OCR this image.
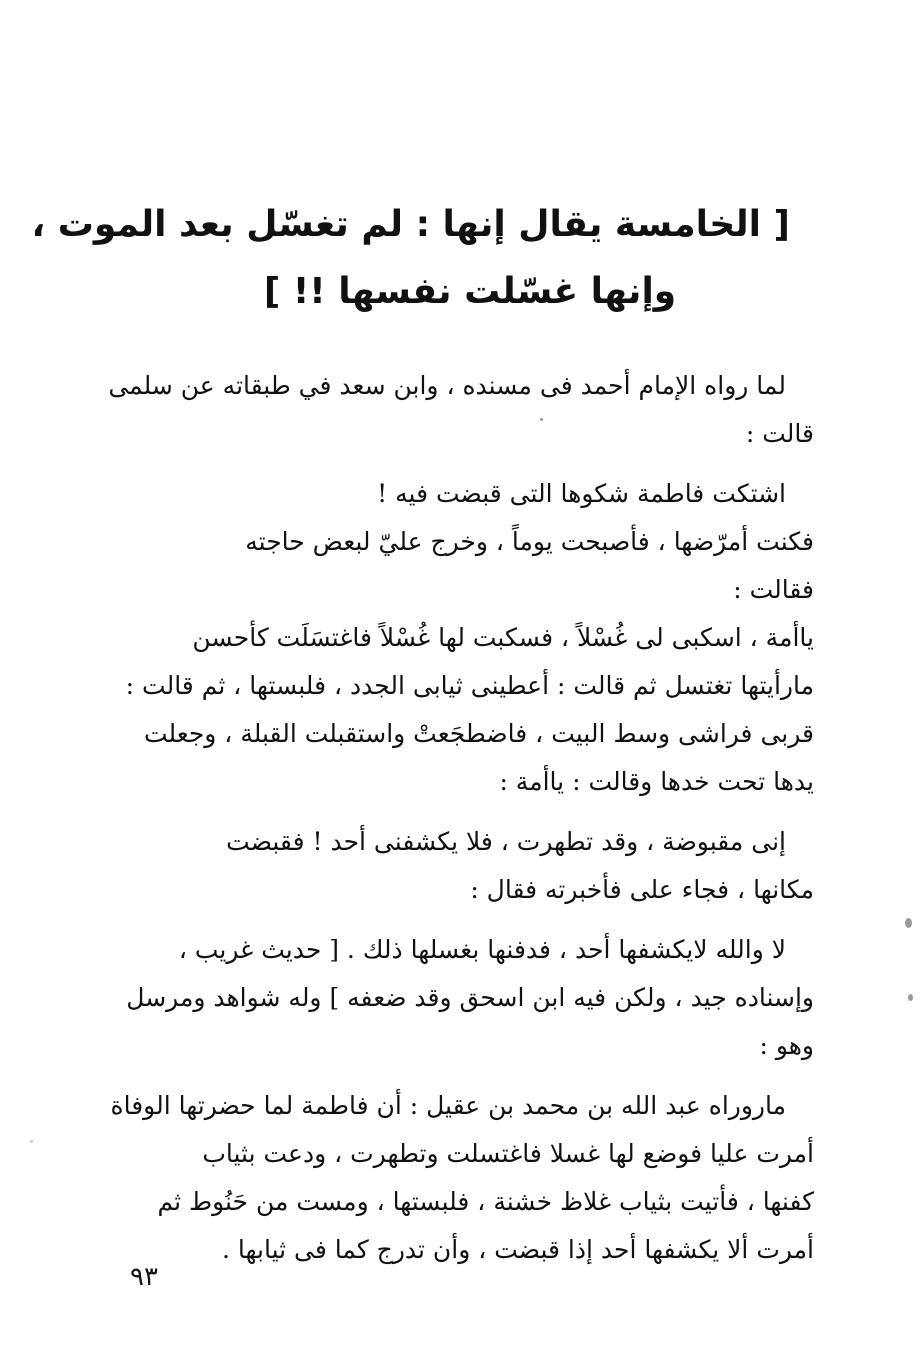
[ الخامسة يقال إنها : لم تغسّل بعد الموت ،
وإنها غسّلت نفسها !! ]
لما رواه الإمام أحمد فى مسنده ، وابن سعد في طبقاته عن سلمى
قالت :
اشتكت فاطمة شكوها التى قبضت فيه !
فكنت أمرّضها ، فأصبحت يوماً ، وخرج عليّ لبعض حاجته
فقالت :
ياأمة ، اسكبى لى غُسْلاً ، فسكبت لها غُسْلاً فاغتسَلَت كأحسن
مارأيتها تغتسل ثم قالت : أعطينى ثيابى الجدد ، فلبستها ، ثم قالت :
قربى فراشى وسط البيت ، فاضطجَعتْ واستقبلت القبلة ، وجعلت
يدها تحت خدها وقالت : ياأمة :
إنى مقبوضة ، وقد تطهرت ، فلا يكشفنى أحد ! فقبضت
مكانها ، فجاء على فأخبرته فقال :
لا والله لايكشفها أحد ، فدفنها بغسلها ذلك . [ حديث غريب ،
وإسناده جيد ، ولكن فيه ابن اسحق وقد ضعفه ] وله شواهد ومرسل
وهو :
ماروراه عبد الله بن محمد بن عقيل : أن فاطمة لما حضرتها الوفاة
أمرت عليا فوضع لها غسلا فاغتسلت وتطهرت ، ودعت بثياب
كفنها ، فأتيت بثياب غلاظ خشنة ، فلبستها ، ومست من حَنُوط ثم
أمرت ألا يكشفها أحد إذا قبضت ، وأن تدرج كما فى ثيابها .
٩٣
